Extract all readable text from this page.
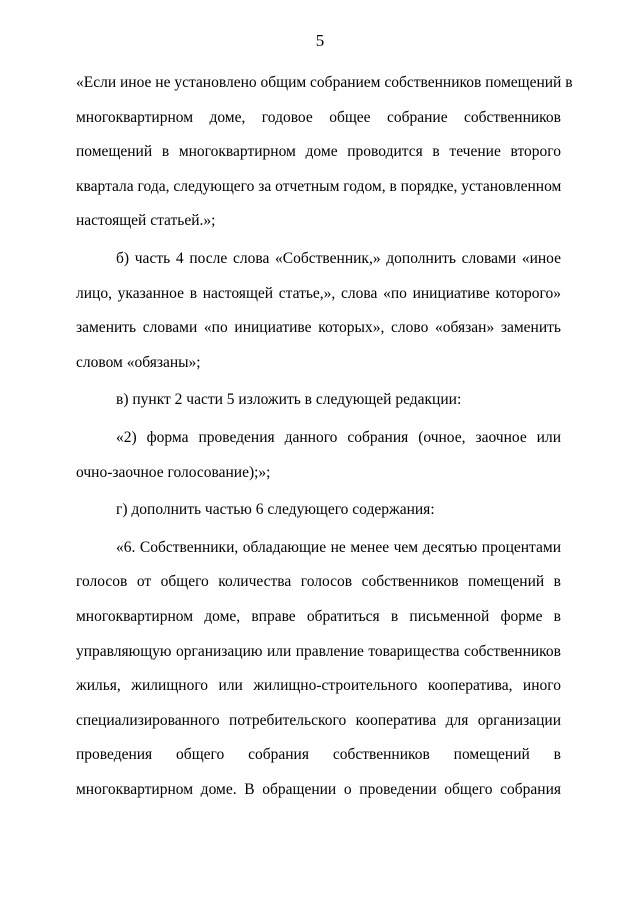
5
«Если иное не установлено общим собранием собственников помещений в
многоквартирном доме, годовое общее собрание собственников
помещений в многоквартирном доме проводится в течение второго
квартала года, следующего за отчетным годом, в порядке, установленном
настоящей статьей.»;
б) часть 4 после слова «Собственник,» дополнить словами «иное
лицо, указанное в настоящей статье,», слова «по инициативе которого»
заменить словами «по инициативе которых», слово «обязан» заменить
словом «обязаны»;
в) пункт 2 части 5 изложить в следующей редакции:
«2) форма проведения данного собрания (очное, заочное или
очно-заочное голосование);»;
г) дополнить частью 6 следующего содержания:
«6. Собственники, обладающие не менее чем десятью процентами
голосов от общего количества голосов собственников помещений в
многоквартирном доме, вправе обратиться в письменной форме в
управляющую организацию или правление товарищества собственников
жилья, жилищного или жилищно-строительного кооператива, иного
специализированного потребительского кооператива для организации
проведения общего собрания собственников помещений в
многоквартирном доме. В обращении о проведении общего собрания
